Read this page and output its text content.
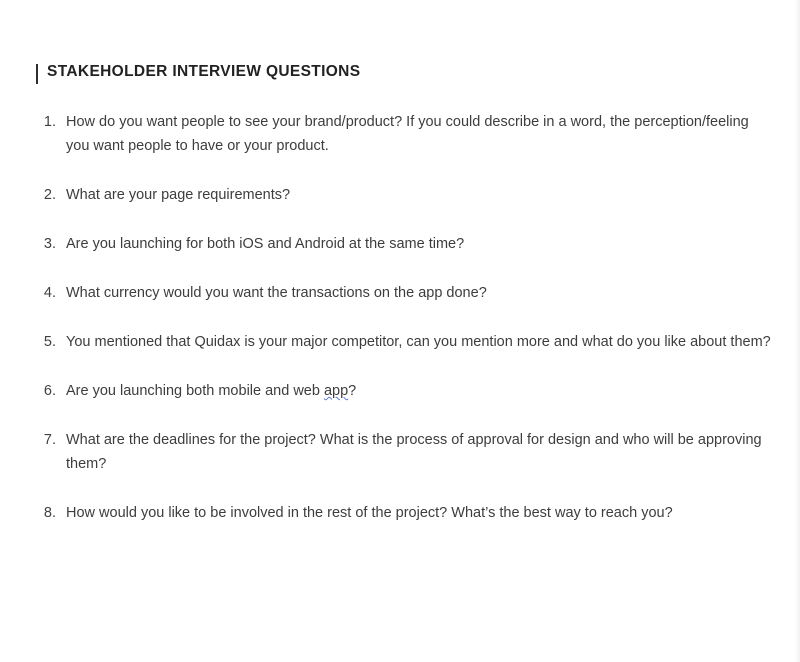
STAKEHOLDER INTERVIEW QUESTIONS
1. How do you want people to see your brand/product? If you could describe in a word, the perception/feeling you want people to have or your product.
2. What are your page requirements?
3. Are you launching for both iOS and Android at the same time?
4. What currency would you want the transactions on the app done?
5. You mentioned that Quidax is your major competitor, can you mention more and what do you like about them?
6. Are you launching both mobile and web app?
7. What are the deadlines for the project? What is the process of approval for design and who will be approving them?
8. How would you like to be involved in the rest of the project? What’s the best way to reach you?
